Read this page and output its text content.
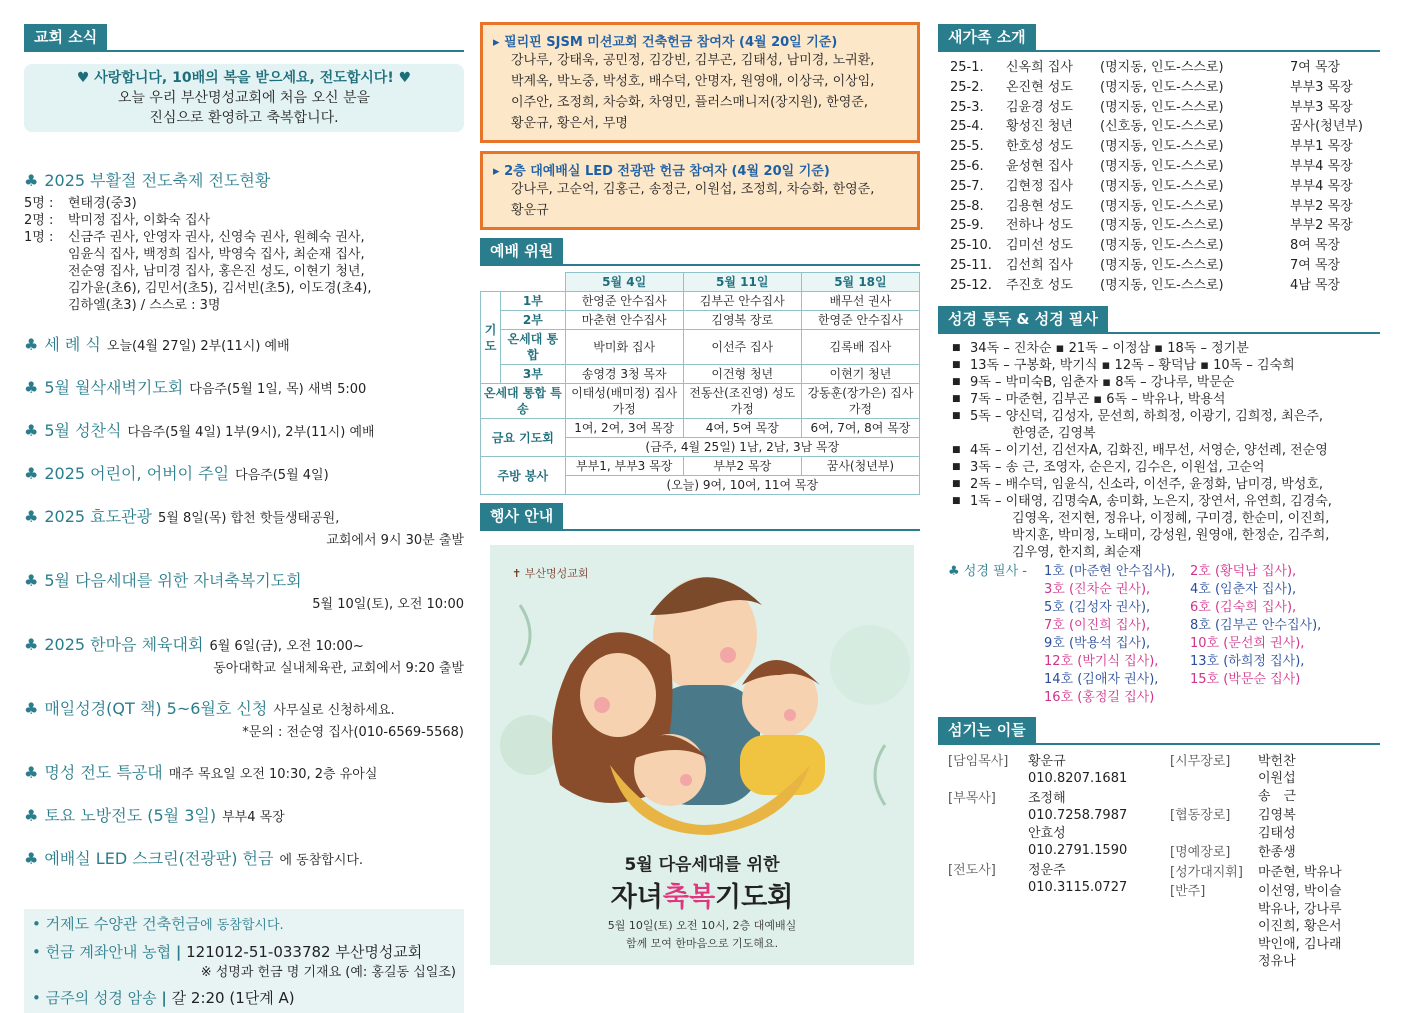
교회 소식
♥ 사랑합니다, 10배의 복을 받으세요, 전도합시다! ♥
오늘 우리 부산명성교회에 처음 오신 분을
진심으로 환영하고 축복합니다.
♣ 2025 부활절 전도축제 전도현황
5명 :	현태경(중3)
2명 :	박미정 집사, 이화숙 집사
1명 :	신금주 권사, 안영자 권사, 신영숙 권사, 원혜숙 권사,
임윤식 집사, 백정희 집사, 박영숙 집사, 최순재 집사,
전순영 집사, 남미경 집사, 홍은진 성도, 이현기 청년,
김가윤(초6), 김민서(초5), 김서빈(초5), 이도경(초4),
김하엘(초3) / 스스로 : 3명
♣ 세 례 식 오늘(4월 27일) 2부(11시) 예배
♣ 5월 월삭새벽기도회 다음주(5월 1일, 목) 새벽 5:00
♣ 5월 성찬식 다음주(5월 4일) 1부(9시), 2부(11시) 예배
♣ 2025 어린이, 어버이 주일 다음주(5월 4일)
♣ 2025 효도관광 5월 8일(목) 합천 핫들생태공원,
교회에서 9시 30분 출발
♣ 5월 다음세대를 위한 자녀축복기도회
5월 10일(토), 오전 10:00
♣ 2025 한마음 체육대회 6월 6일(금), 오전 10:00~
동아대학교 실내체육관, 교회에서 9:20 출발
♣ 매일성경(QT 책) 5~6월호 신청 사무실로 신청하세요.
*문의 : 전순영 집사(010-6569-5568)
♣ 명성 전도 특공대 매주 목요일 오전 10:30, 2층 유아실
♣ 토요 노방전도 (5월 3일) 부부4 목장
♣ 예배실 LED 스크린(전광판) 헌금 에 동참합시다.
• 거제도 수양관 건축헌금에 동참합시다.
• 헌금 계좌안내 농협 | 121012-51-033782 부산명성교회
※ 성명과 헌금 명 기재요 (예: 홍길동 십일조)
• 금주의 성경 암송 | 갈 2:20 (1단계 A)
▸ 필리핀 SJSM 미션교회 건축헌금 참여자 (4월 20일 기준)
강나루, 강태욱, 공민정, 김강빈, 김부곤, 김태성, 남미경, 노귀환,
박계옥, 박노중, 박성호, 배수덕, 안명자, 원영애, 이상국, 이상임,
이주안, 조정희, 차승화, 차영민, 플러스매니저(장지원), 한영준,
황운규, 황은서, 무명
▸ 2층 대예배실 LED 전광판 헌금 참여자 (4월 20일 기준)
강나루, 고순억, 김홍근, 송정근, 이원섭, 조정희, 차승화, 한영준,
황운규
예배 위원
		5월 4일	5월 11일	5월 18일
기도	1부	한영준 안수집사	김부곤 안수집사	배무선 권사
	2부	마춘현 안수집사	김영복 장로	한영준 안수집사
	온세대 통합	박미화 집사	이선주 집사	김록배 집사
	3부	송영경 3청 목자	이건형 청년	이현기 청년
온세대 통합 특송		이태성(배미정) 집사 가정	전동산(조진영) 성도 가정	강동훈(장가은) 집사 가정
금요 기도회		1여, 2여, 3여 목장	4여, 5여 목장	6여, 7여, 8여 목장
		(금주, 4월 25일) 1남, 2남, 3남 목장		
주방 봉사		부부1, 부부3 목장	부부2 목장	꿈사(청년부)
		(오늘) 9여, 10여, 11여 목장		
행사 안내
✝ 부산명성교회
5월 다음세대를 위한
자녀축복기도회
5월 10일(토) 오전 10시, 2층 대예배실
함께 모여 한마음으로 기도해요.
새가족 소개
25-1.	신옥희 집사	(명지동, 인도-스스로)	7여 목장
25-2.	온진현 성도	(명지동, 인도-스스로)	부부3 목장
25-3.	김윤경 성도	(명지동, 인도-스스로)	부부3 목장
25-4.	황성진 청년	(신호동, 인도-스스로)	꿈사(청년부)
25-5.	한호성 성도	(명지동, 인도-스스로)	부부1 목장
25-6.	윤성현 집사	(명지동, 인도-스스로)	부부4 목장
25-7.	김현정 집사	(명지동, 인도-스스로)	부부4 목장
25-8.	김용현 성도	(명지동, 인도-스스로)	부부2 목장
25-9.	전하나 성도	(명지동, 인도-스스로)	부부2 목장
25-10.	김미선 성도	(명지동, 인도-스스로)	8여 목장
25-11.	김선희 집사	(명지동, 인도-스스로)	7여 목장
25-12.	주진호 성도	(명지동, 인도-스스로)	4남 목장
성경 통독 & 성경 필사
■ 34독 – 진차순 ▪ 21독 – 이정삼 ▪ 18독 – 정기분
■ 13독 – 구봉화, 박기식 ▪ 12독 – 황덕남 ▪ 10독 – 김숙희
■ 9독 – 박미숙B, 임춘자 ▪ 8독 – 강나루, 박문순
■ 7독 – 마준현, 김부곤 ▪ 6독 – 박유나, 박용석
■ 5독 – 양신덕, 김성자, 문선희, 하희정, 이광기, 김희정, 최은주,
한영준, 김영복
■ 4독 – 이기선, 김선자A, 김화진, 배무선, 서영순, 양선례, 전순영
■ 3독 – 송 근, 조영자, 순은지, 김수은, 이원섭, 고순억
■ 2독 – 배수덕, 임윤식, 신소라, 이선주, 윤정화, 남미경, 박성호,
■ 1독 – 이태영, 김명숙A, 송미화, 노은지, 장연서, 유연희, 김경숙,
김영옥, 전지현, 정유나, 이정혜, 구미경, 한순미, 이진희,
박지훈, 박미정, 노태미, 강성원, 원영애, 한정순, 김주희,
김우영, 한지희, 최순재
♣ 성경 필사 -	1호 (마준현 안수집사),	2호 (황덕남 집사),
3호 (진차순 권사),	4호 (임춘자 집사),
5호 (김성자 권사),	6호 (김숙희 집사),
7호 (이진희 집사),	8호 (김부곤 안수집사),
9호 (박용석 집사),	10호 (문선희 권사),
12호 (박기식 집사),	13호 (하희정 집사),
14호 (김애자 권사),	15호 (박문순 집사)
16호 (홍정길 집사)
섬기는 이들
[담임목사]	황운규
010.8207.1681
[부목사]	조정해
010.7258.7987
안효성
010.2791.1590
[전도사]	정운주
010.3115.0727
[시무장로]	박헌찬
이원섭
송　근
[협동장로]	김영복
김태성
[명예장로]	한종생
[성가대지휘]	마준현, 박유나
[반주]	이선영, 박이슬
박유나, 강나루
이진희, 황은서
박인애, 김나래
정유나
